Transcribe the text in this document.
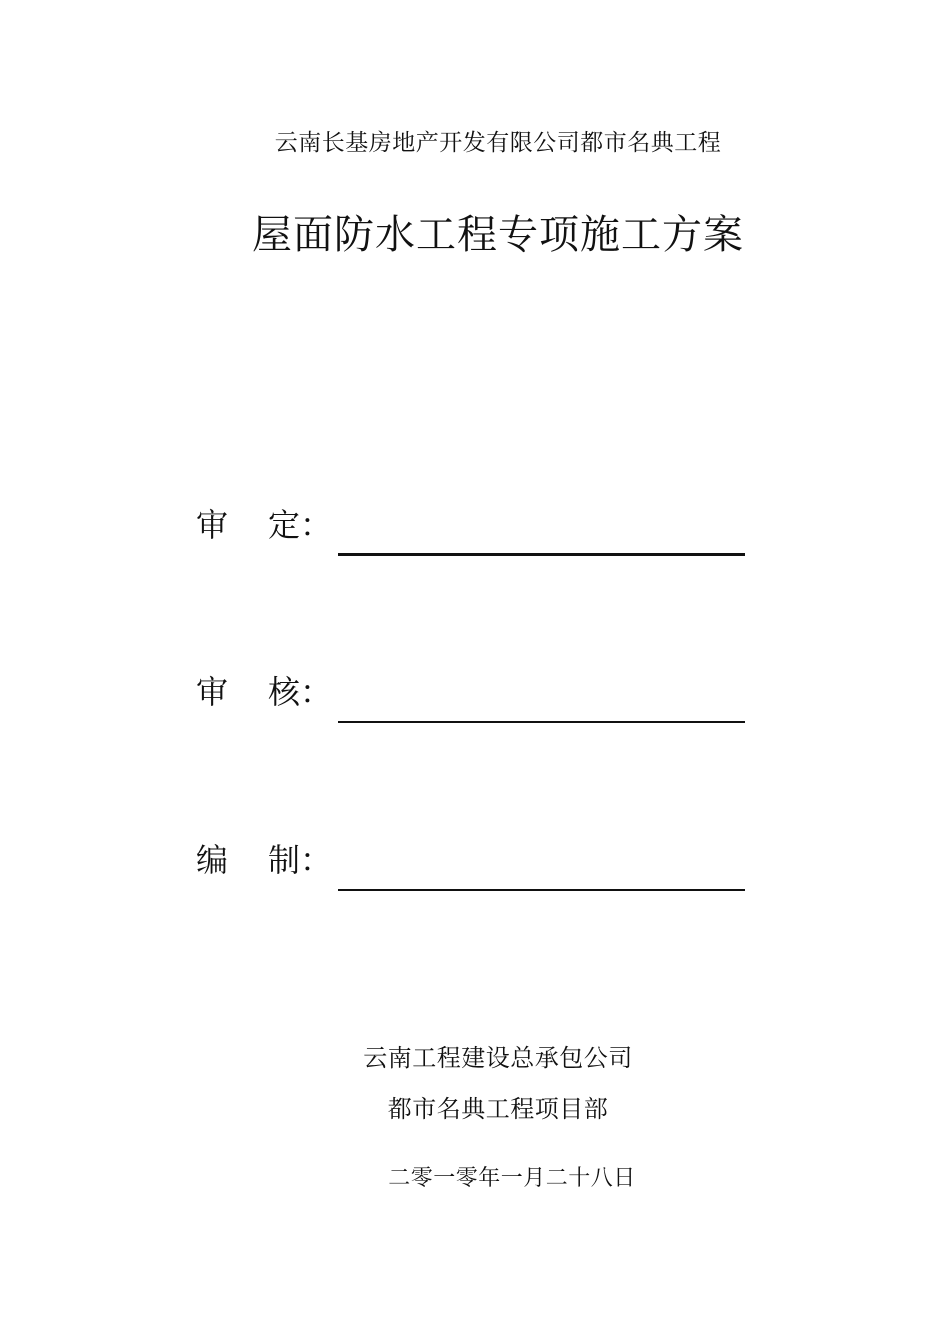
云南长基房地产开发有限公司都市名典工程
屋面防水工程专项施工方案
审 定：
审 核：
编 制：
云南工程建设总承包公司
都市名典工程项目部
二零一零年一月二十八日
